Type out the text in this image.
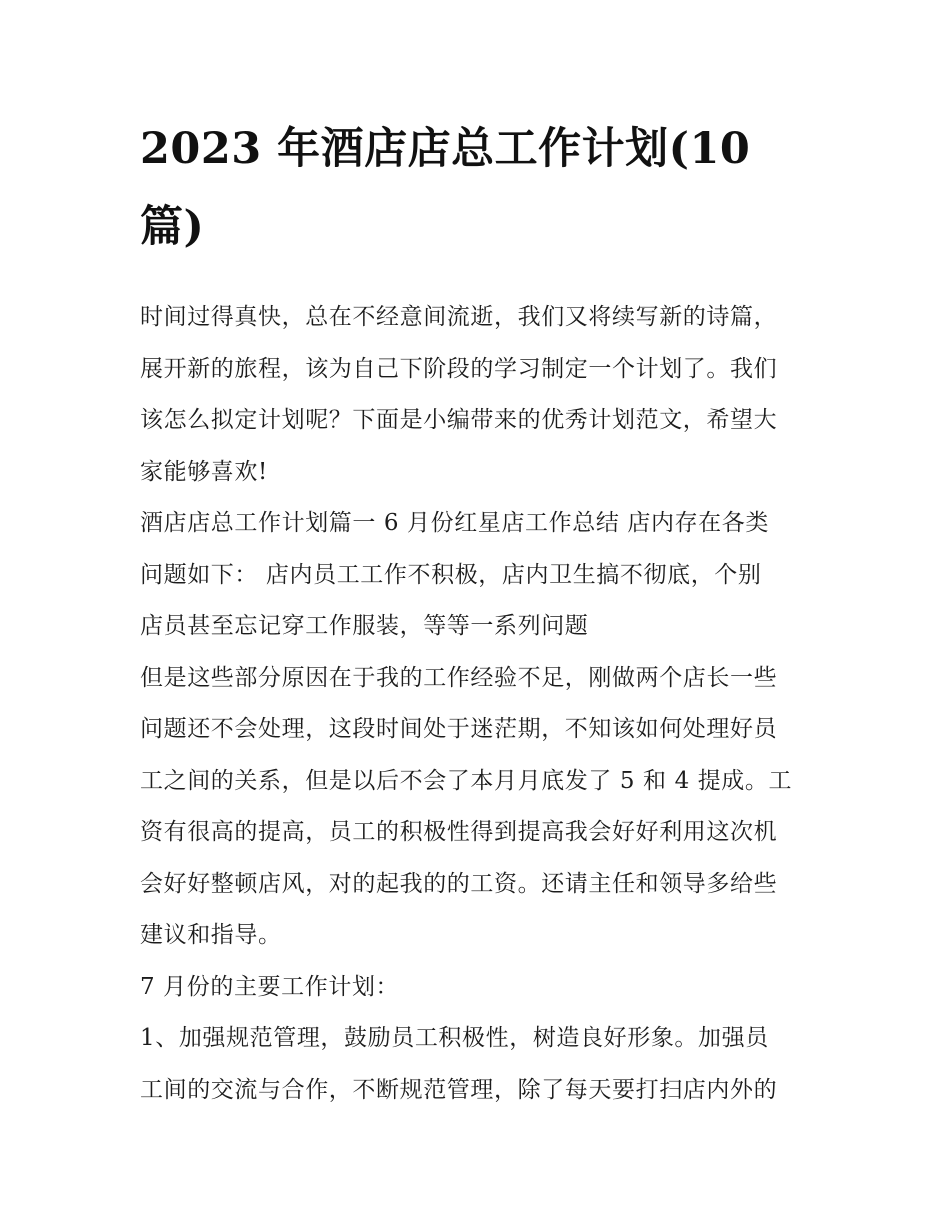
2023 年酒店店总工作计划(10
篇)

时间过得真快，总在不经意间流逝，我们又将续写新的诗篇，
展开新的旅程，该为自己下阶段的学习制定一个计划了。我们
该怎么拟定计划呢？下面是小编带来的优秀计划范文，希望大
家能够喜欢!

酒店店总工作计划篇一 6 月份红星店工作总结 店内存在各类
问题如下： 店内员工工作不积极，店内卫生搞不彻底，个别
店员甚至忘记穿工作服装，等等一系列问题

但是这些部分原因在于我的工作经验不足，刚做两个店长一些
问题还不会处理，这段时间处于迷茫期，不知该如何处理好员
工之间的关系，但是以后不会了本月月底发了 5 和 4 提成。工
资有很高的提高，员工的积极性得到提高我会好好利用这次机
会好好整顿店风，对的起我的的工资。还请主任和领导多给些
建议和指导。

7 月份的主要工作计划：

1、加强规范管理，鼓励员工积极性，树造良好形象。加强员
工间的交流与合作，不断规范管理，除了每天要打扫店内外的
